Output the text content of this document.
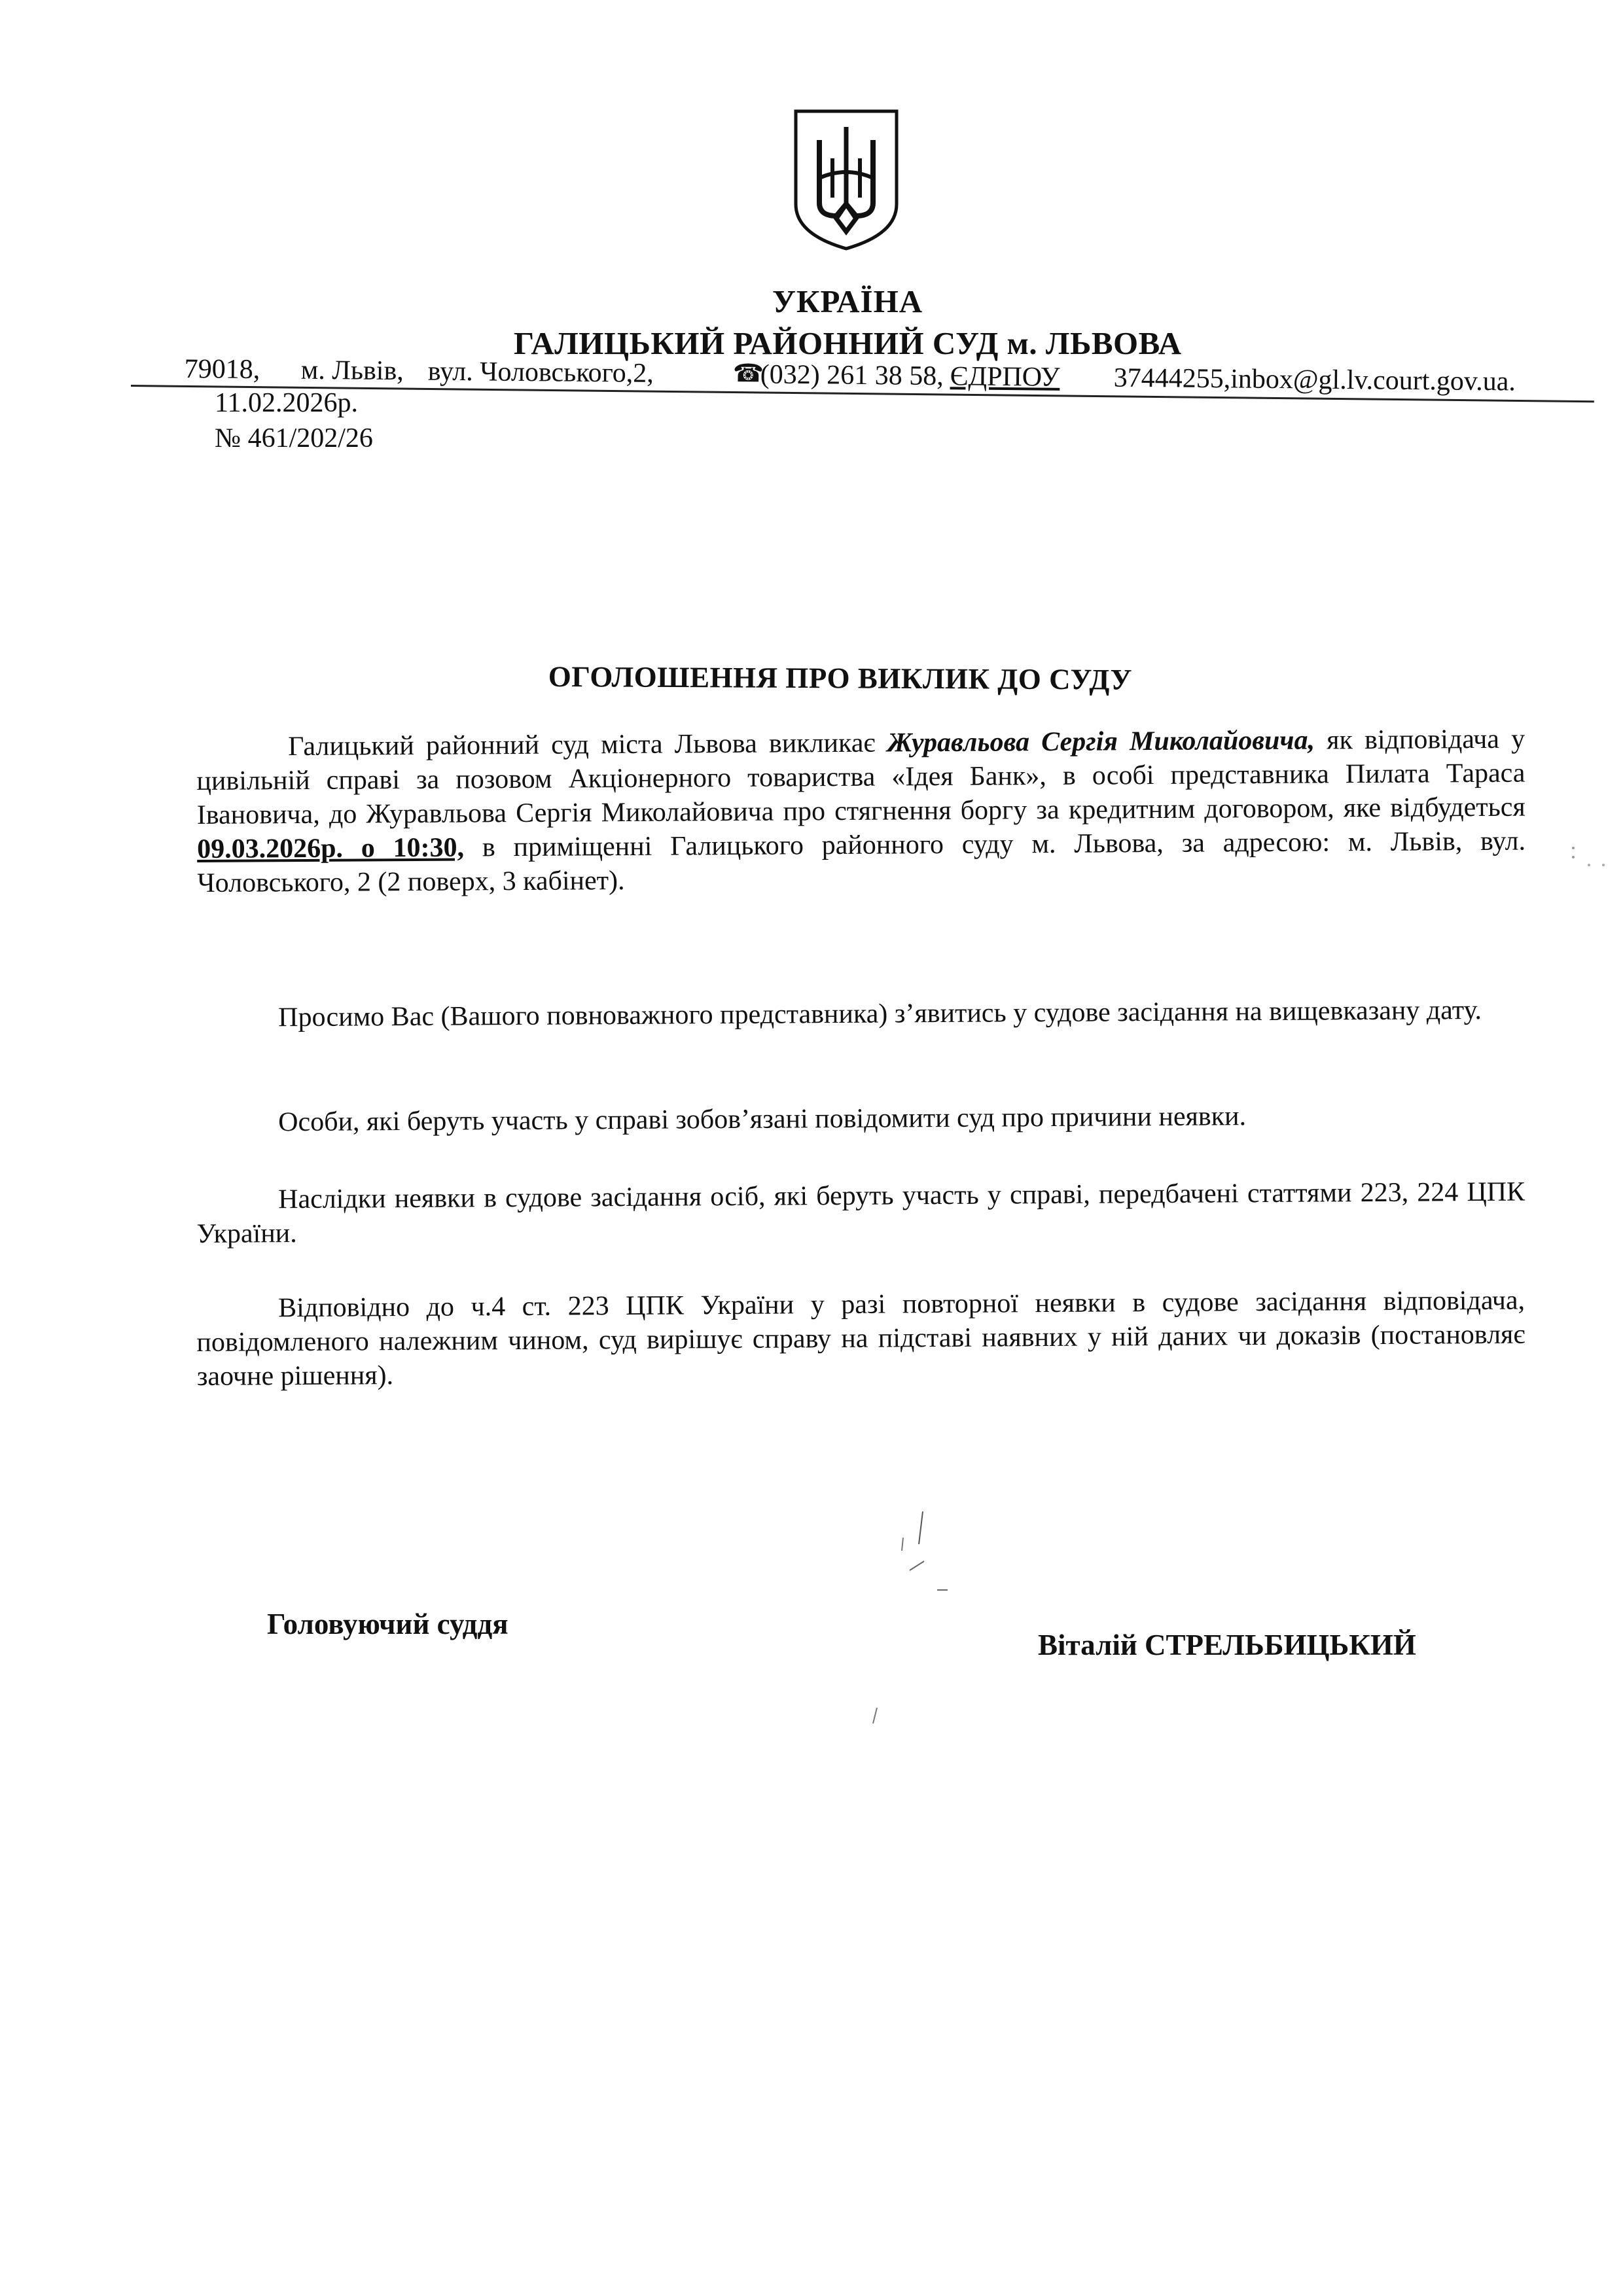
УКРАЇНА
ГАЛИЦЬКИЙ РАЙОННИЙ СУД м. ЛЬВОВА
79018, м. Львів, вул. Чоловського,2,	☎
(032) 261 38 58, ЄДРПОУ 37444255,inbox@gl.lv.court.gov.ua.
11.02.2026р.
№ 461/202/26
ОГОЛОШЕННЯ ПРО ВИКЛИК ДО СУДУ
Галицький районний суд міста Львова викликає Журавльова Сергія Миколайовича, як відповідача у цивільній справі за позовом Акціонерного товариства «Ідея Банк», в особі представника Пилата Тараса Івановича, до Журавльова Сергія Миколайовича про стягнення боргу за кредитним договором, яке відбудеться 09.03.2026р. о 10:30, в приміщенні Галицького районного суду м. Львова, за адресою: м. Львів, вул. Чоловського, 2 (2 поверх, 3 кабінет).
Просимо Вас (Вашого повноважного представника) з’явитись у судове засідання на вищевказану дату.
Особи, які беруть участь у справі зобов’язані повідомити суд про причини неявки.
Наслідки неявки в судове засідання осіб, які беруть участь у справі, передбачені статтями 223, 224 ЦПК України.
Відповідно до ч.4 ст. 223 ЦПК України у разі повторної неявки в судове засідання відповідача, повідомленого належним чином, суд вирішує справу на підставі наявних у ній даних чи доказів (постановляє заочне рішення).
Головуючий суддя
Віталій СТРЕЛЬБИЦЬКИЙ
